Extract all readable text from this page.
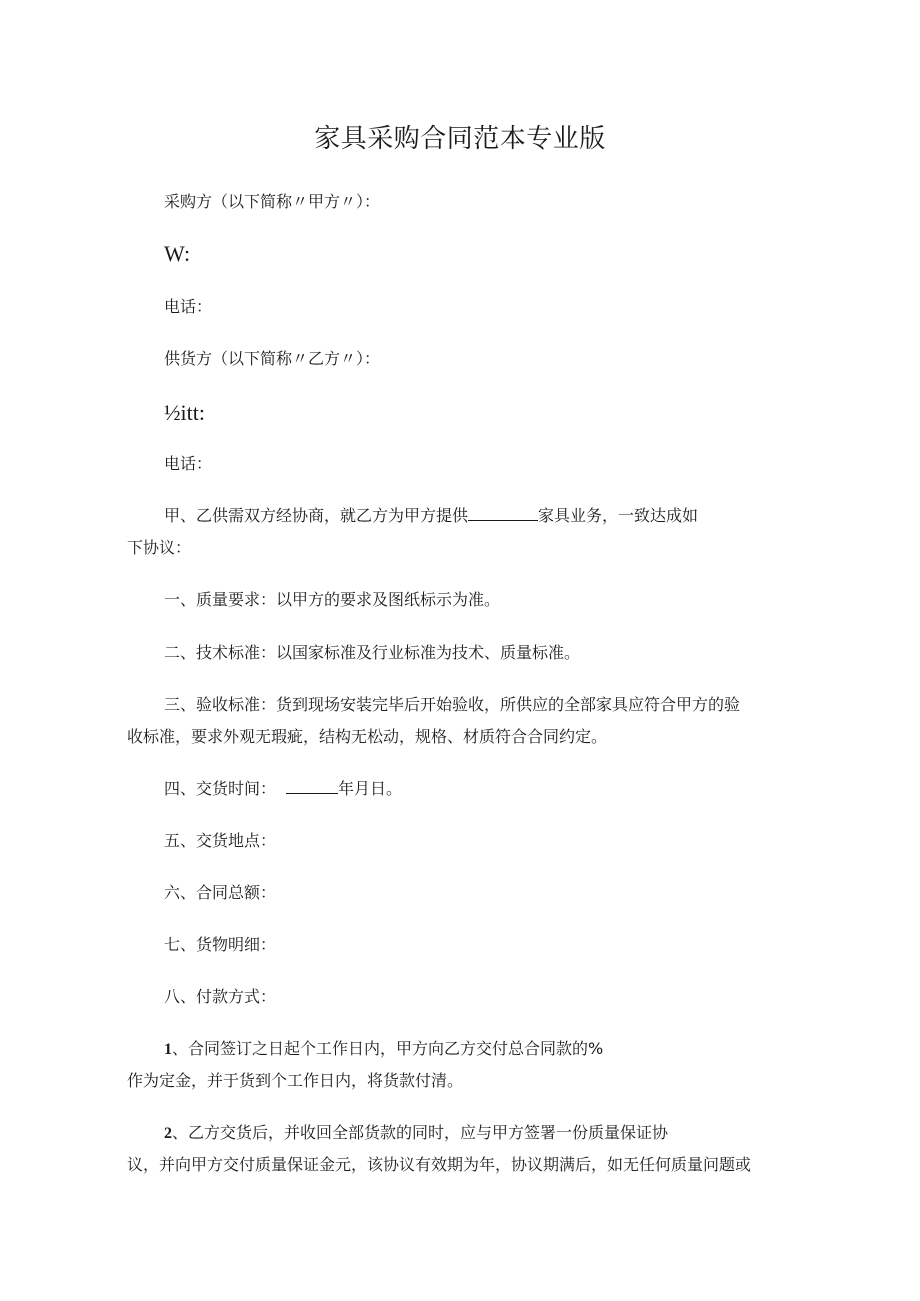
家具采购合同范本专业版
采购方（以下简称〃甲方〃）：
W:
电话：
供货方（以下简称〃乙方〃）：
½itt:
电话：
甲、乙供需双方经协商，就乙方为甲方提供	家具业务，一致达成如
下协议：
一、质量要求：以甲方的要求及图纸标示为准。
二、技术标准：以国家标准及行业标准为技术、质量标准。
三、验收标准：货到现场安装完毕后开始验收，所供应的全部家具应符合甲方的验
收标准，要求外观无瑕疵，结构无松动，规格、材质符合合同约定。
四、交货时间：	年月日。
五、交货地点：
六、合同总额：
七、货物明细：
八、付款方式：
1、合同签订之日起个工作日内，甲方向乙方交付总合同款的%
作为定金，并于货到个工作日内，将货款付清。
2、乙方交货后，并收回全部货款的同时，应与甲方签署一份质量保证协
议，并向甲方交付质量保证金元，该协议有效期为年，协议期满后，如无任何质量问题或
